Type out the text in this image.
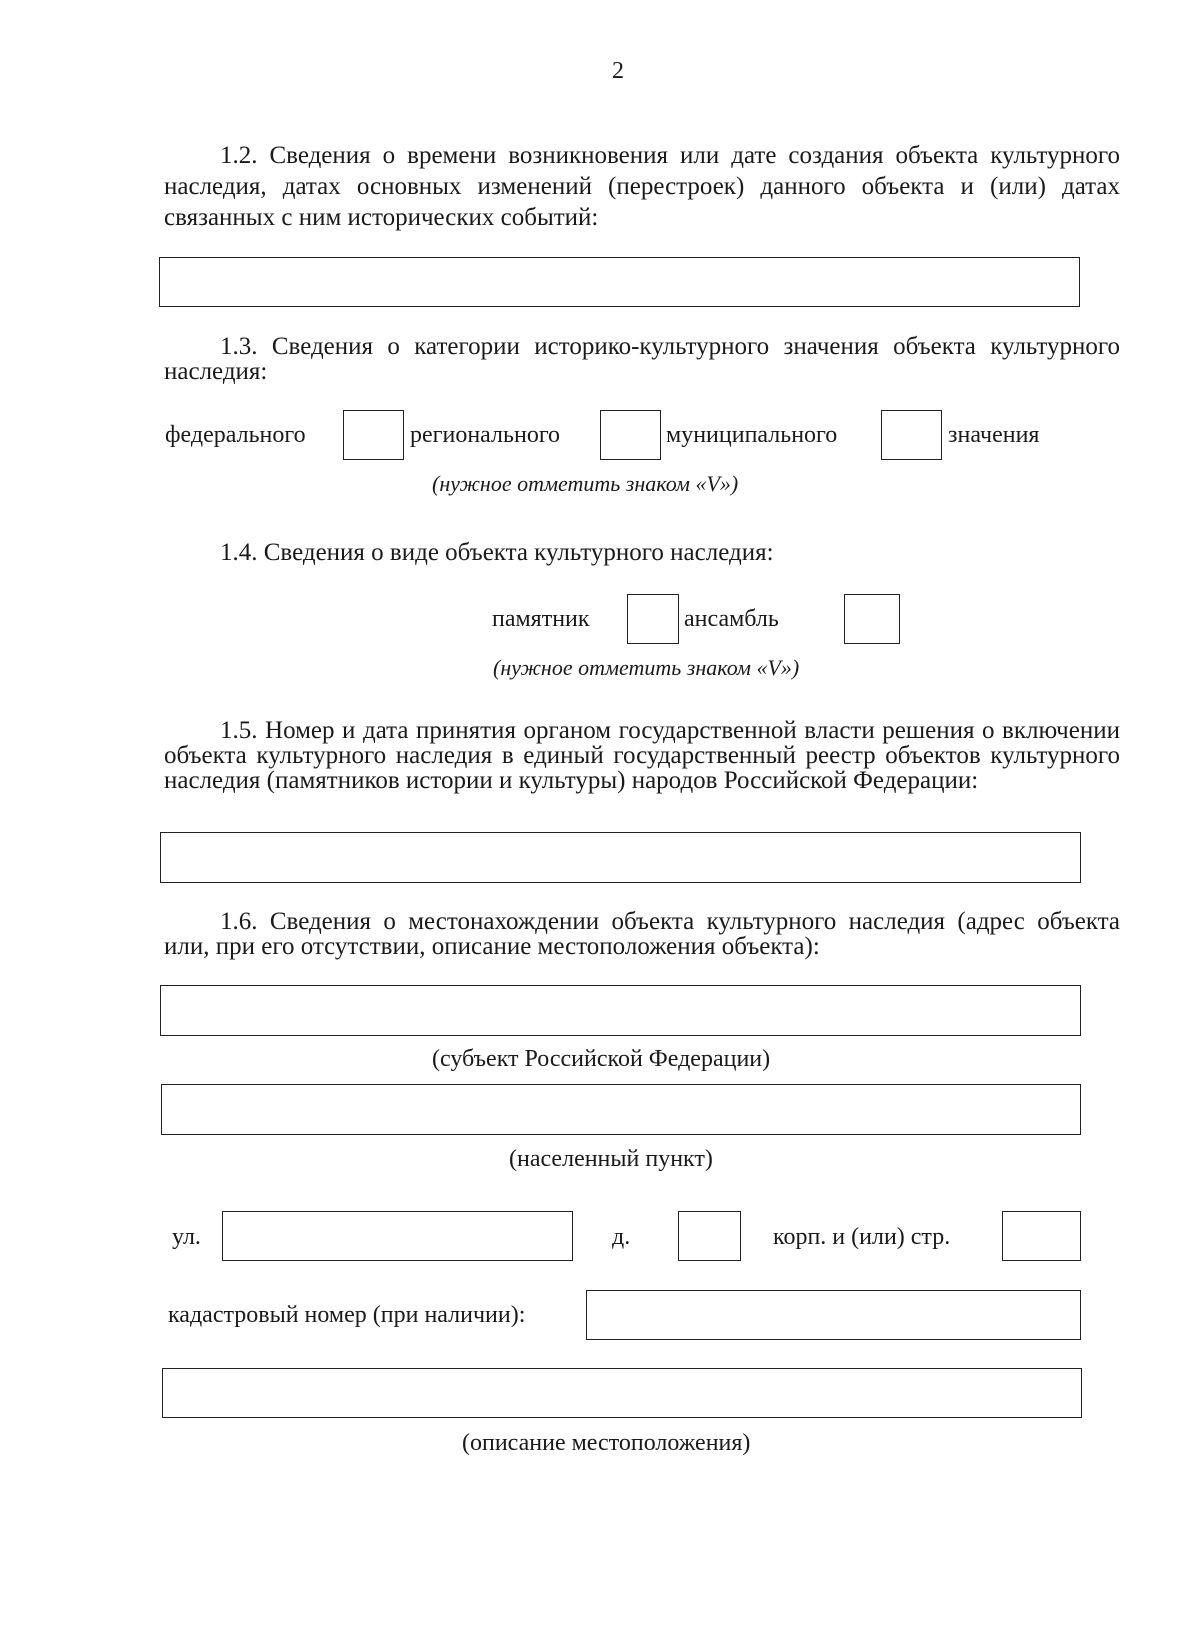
2
1.2. Сведения о времени возникновения или дате создания объекта культурного наследия, датах основных изменений (перестроек) данного объекта и (или) датах связанных с ним исторических событий:
1.3. Сведения о категории историко-культурного значения объекта культурного наследия:
федерального	регионального	муниципального	значения
(нужное отметить знаком «V»)
1.4. Сведения о виде объекта культурного наследия:
памятник	ансамбль
(нужное отметить знаком «V»)
1.5. Номер и дата принятия органом государственной власти решения о включении объекта культурного наследия в единый государственный реестр объектов культурного наследия (памятников истории и культуры) народов Российской Федерации:
1.6. Сведения о местонахождении объекта культурного наследия (адрес объекта или, при его отсутствии, описание местоположения объекта):
(субъект Российской Федерации)
(населенный пункт)
ул.	д.	корп. и (или) стр.
кадастровый номер (при наличии):
(описание местоположения)
